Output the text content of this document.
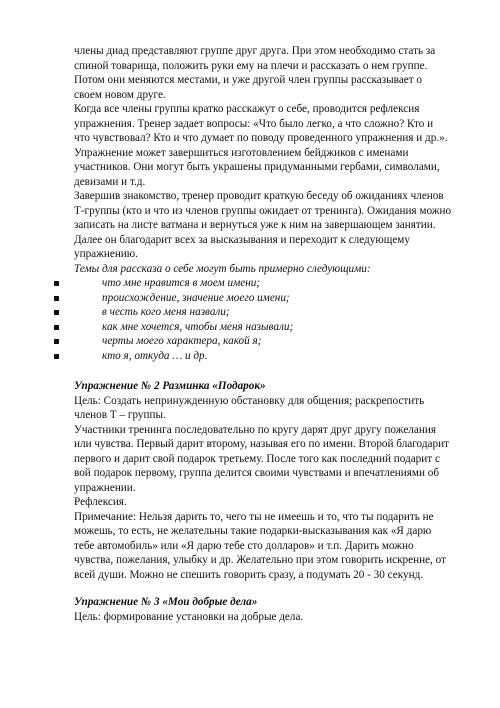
члены диад представляют группе друг друга. При этом необходимо стать за
спиной товарища, положить руки ему на плечи и рассказать о нем группе.
Потом они меняются местами, и уже другой член группы рассказывает о
своем новом друге.
Когда все члены группы кратко расскажут о себе, проводится рефлексия
упражнения. Тренер задает вопросы: «Что было легко, а что сложно? Кто и
что чувствовал? Кто и что думает по поводу проведенного упражнения и др.».
Упражнение может завершиться изготовлением бейджиков с именами
участников. Они могут быть украшены придуманными гербами, символами,
девизами и т.д.
Завершив знакомство, тренер проводит краткую беседу об ожиданиях членов
Т-группы (кто и что из членов группы ожидает от тренинга). Ожидания можно
записать на листе ватмана и вернуться уже к ним на завершающем занятии.
Далее он благодарит всех за высказывания и переходит к следующему
упражнению.
Темы для рассказа о себе могут быть примерно следующими:
что мне нравится в моем имени;
происхождение, значение моего имени;
в честь кого меня назвали;
как мне хочется, чтобы меня называли;
черты моего характера, какой я;
кто я, откуда … и др.
Упражнение № 2 Разминка «Подарок»
Цель: Создать непринужденную обстановку для общения; раскрепостить
членов Т – группы.
Участники тренинга последовательно по кругу дарят друг другу пожелания
или чувства. Первый дарит второму, называя его по имени. Второй благодарит
первого и дарит свой подарок третьему. После того как последний подарит с
вой подарок первому, группа делится своими чувствами и впечатлениями об
упражнении.
Рефлексия.
Примечание: Нельзя дарить то, чего ты не имеешь и то, что ты подарить не
можешь, то есть, не желательны такие подарки-высказывания как «Я дарю
тебе автомобиль» или «Я дарю тебе сто долларов» и т.п. Дарить можно
чувства, пожелания, улыбку и др. Желательно при этом говорить искренне, от
всей души. Можно не спешить говорить сразу, а подумать 20 - 30 секунд.
Упражнение № 3 «Мои добрые дела»
Цель: формирование установки на добрые дела.
